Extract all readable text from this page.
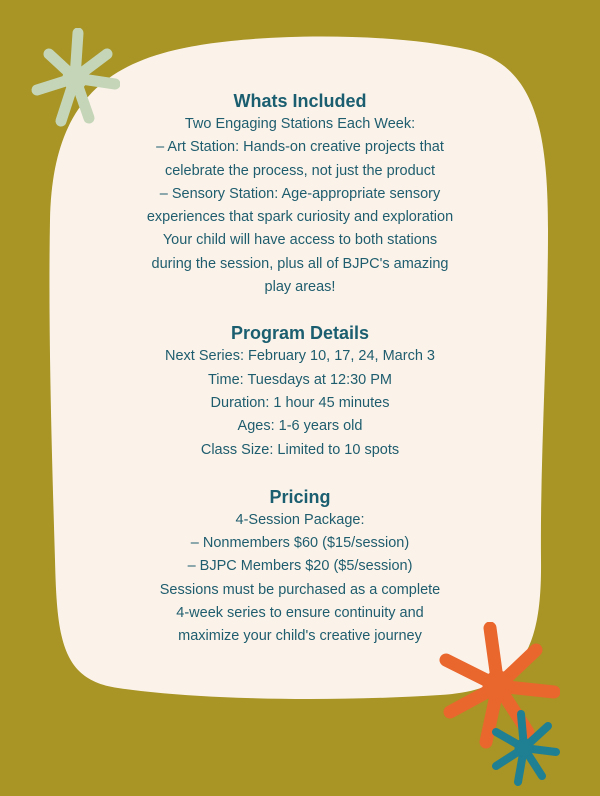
Whats Included
Two Engaging Stations Each Week:
– Art Station: Hands-on creative projects that
celebrate the process, not just the product
– Sensory Station: Age-appropriate sensory
experiences that spark curiosity and exploration
Your child will have access to both stations
during the session, plus all of BJPC's amazing
play areas!
Program Details
Next Series: February 10, 17, 24, March 3
Time: Tuesdays at 12:30 PM
Duration: 1 hour 45 minutes
Ages: 1-6 years old
Class Size: Limited to 10 spots
Pricing
4-Session Package:
– Nonmembers $60 ($15/session)
– BJPC Members $20 ($5/session)
Sessions must be purchased as a complete
4-week series to ensure continuity and
maximize your child's creative journey
